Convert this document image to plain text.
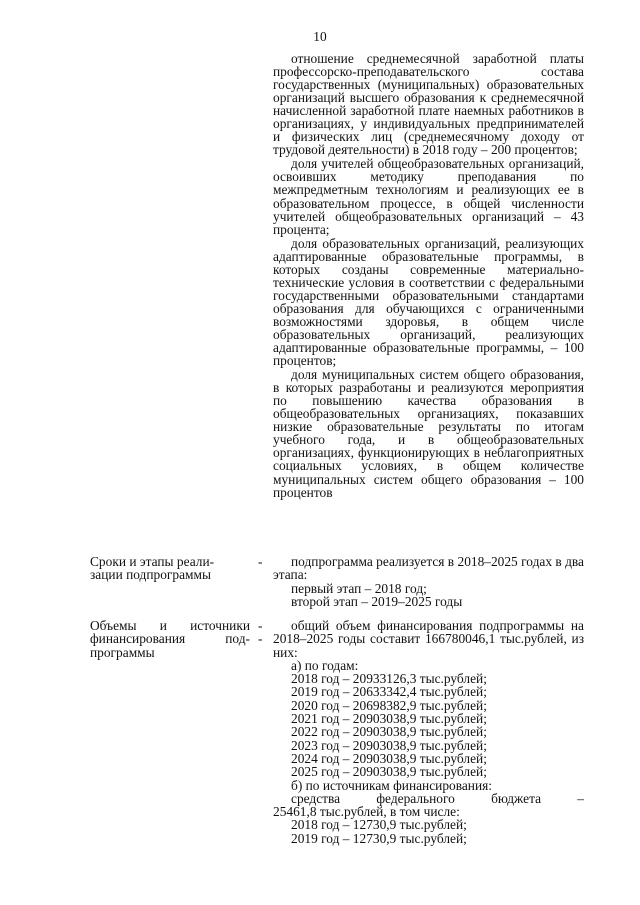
10

отношение среднемесячной заработной платы профессорско-преподавательского состава государственных (муниципальных) образовательных организаций высшего образования к среднемесячной начисленной заработной плате наемных работников в организациях, у индивидуальных предпринимателей и физических лиц (среднемесячному доходу от трудовой деятельности) в 2018 году – 200 процентов;

доля учителей общеобразовательных организаций, освоивших методику преподавания по межпредметным технологиям и реализующих ее в образовательном процессе, в общей численности учителей общеобразовательных организаций – 43 процента;

доля образовательных организаций, реализующих адаптированные образовательные программы, в которых созданы современные материально-технические условия в соответствии с федеральными государственными образовательными стандартами образования для обучающихся с ограниченными возможностями здоровья, в общем числе образовательных организаций, реализующих адаптированные образовательные программы, – 100 процентов;

доля муниципальных систем общего образования, в которых разработаны и реализуются мероприятия по повышению качества образования в общеобразовательных организациях, показавших низкие образовательные результаты по итогам учебного года, и в общеобразовательных организациях, функционирующих в неблагоприятных социальных условиях, в общем количестве муниципальных систем общего образования – 100 процентов

Сроки и этапы реали-
зации подпрограммы
-	подпрограмма реализуется в 2018–2025 годах в два этапа:

первый этап – 2018 год;
второй этап – 2019–2025 годы
Объемы и источники
финансирования под-
программы
-
-

общий объем финансирования подпрограммы на 2018–2025 годы составит 166780046,1 тыс.рублей, из них:

а) по годам:
2018 год – 20933126,3 тыс.рублей;
2019 год – 20633342,4 тыс.рублей;
2020 год – 20698382,9 тыс.рублей;
2021 год – 20903038,9 тыс.рублей;
2022 год – 20903038,9 тыс.рублей;
2023 год – 20903038,9 тыс.рублей;
2024 год – 20903038,9 тыс.рублей;
2025 год – 20903038,9 тыс.рублей;
б) по источникам финансирования:
средства федерального бюджета –
25461,8 тыс.рублей, в том числе:
2018 год – 12730,9 тыс.рублей;
2019 год – 12730,9 тыс.рублей;
